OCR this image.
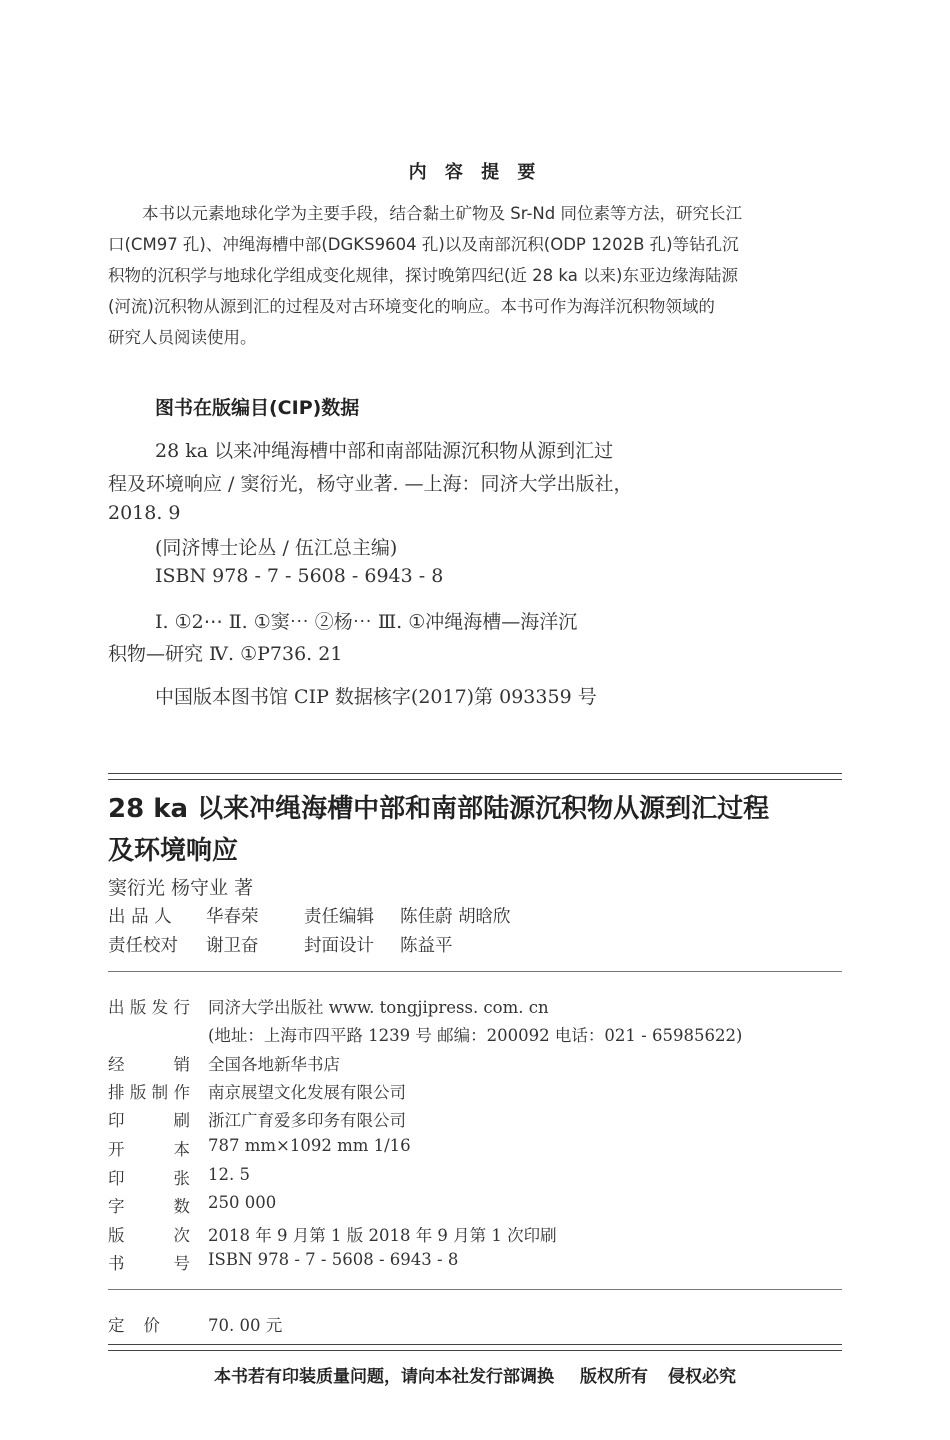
内 容 提 要
本书以元素地球化学为主要手段，结合黏土矿物及 Sr-Nd 同位素等方法，研究长江
口(CM97 孔)、冲绳海槽中部(DGKS9604 孔)以及南部沉积(ODP 1202B 孔)等钻孔沉
积物的沉积学与地球化学组成变化规律，探讨晚第四纪(近 28 ka 以来)东亚边缘海陆源
(河流)沉积物从源到汇的过程及对古环境变化的响应。本书可作为海洋沉积物领域的
研究人员阅读使用。
图书在版编目(CIP)数据
28 ka 以来冲绳海槽中部和南部陆源沉积物从源到汇过
程及环境响应 / 窦衍光，杨守业著. —上海：同济大学出版社，
2018. 9
(同济博士论丛 / 伍江总主编)
ISBN 978 - 7 - 5608 - 6943 - 8
Ⅰ. ①2⋯ Ⅱ. ①窦⋯ ②杨⋯ Ⅲ. ①冲绳海槽—海洋沉
积物—研究 Ⅳ. ①P736. 21
中国版本图书馆 CIP 数据核字(2017)第 093359 号
28 ka 以来冲绳海槽中部和南部陆源沉积物从源到汇过程
及环境响应
窦衍光 杨守业 著
出 品 人 华春荣	责任编辑 陈佳蔚 胡晗欣
责任校对 谢卫奋	封面设计 陈益平
出版发行 同济大学出版社 www. tongjipress. com. cn
(地址：上海市四平路 1239 号 邮编：200092 电话：021 - 65985622)
经销 全国各地新华书店
排版制作 南京展望文化发展有限公司
印刷 浙江广育爱多印务有限公司
开本 787 mm×1092 mm 1/16
印张 12. 5
字数 250 000
版次 2018 年 9 月第 1 版 2018 年 9 月第 1 次印刷
书号 ISBN 978 - 7 - 5608 - 6943 - 8
定价	70. 00 元
本书若有印装质量问题，请向本社发行部调换 版权所有 侵权必究
